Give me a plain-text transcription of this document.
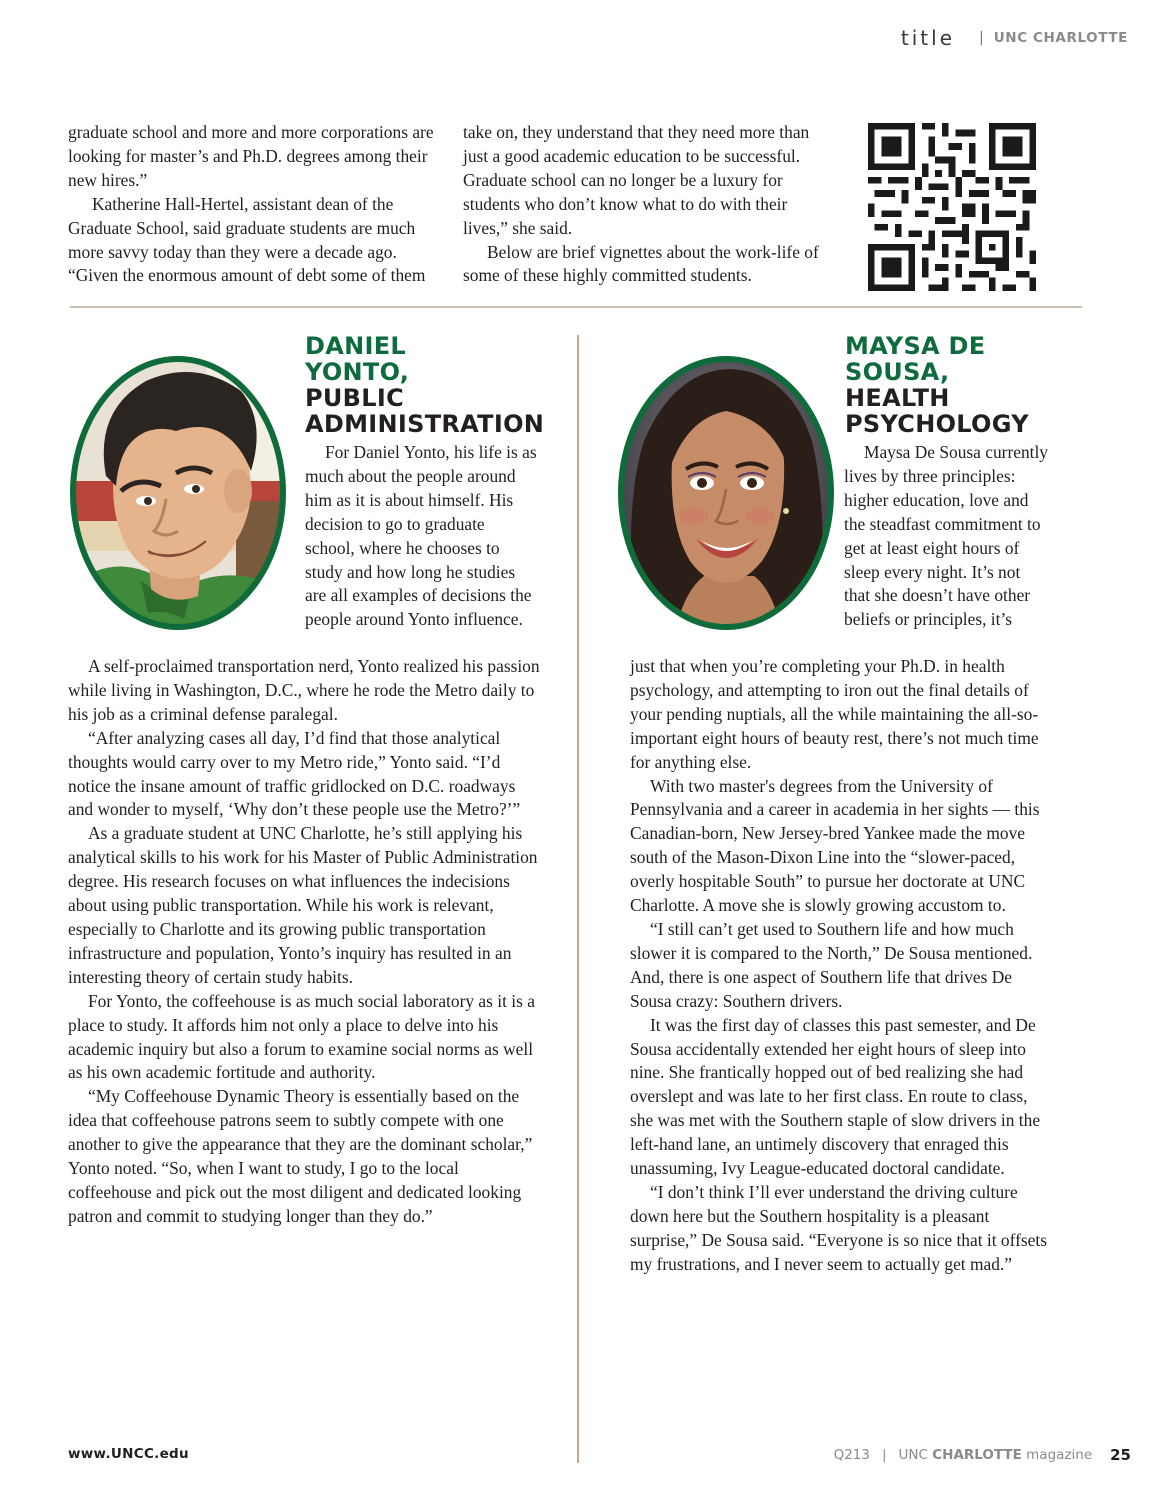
title | UNC CHARLOTTE

graduate school and more and more corporations are looking for master’s and Ph.D. degrees among their new hires.”

Katherine Hall-Hertel, assistant dean of the Graduate School, said graduate students are much more savvy today than they were a decade ago. “Given the enormous amount of debt some of them

take on, they understand that they need more than just a good academic education to be successful. Graduate school can no longer be a luxury for students who don’t know what to do with their lives,” she said.

Below are brief vignettes about the work-life of some of these highly committed students.

DANIEL
YONTO,
PUBLIC
ADMINISTRATION
MAYSA DE
SOUSA,
HEALTH
PSYCHOLOGY

For Daniel Yonto, his life is as much about the people around him as it is about himself. His decision to go to graduate school, where he chooses to study and how long he studies are all examples of decisions the people around Yonto influence.

A self-proclaimed transportation nerd, Yonto realized his passion while living in Washington, D.C., where he rode the Metro daily to his job as a criminal defense paralegal.

“After analyzing cases all day, I’d find that those analytical thoughts would carry over to my Metro ride,” Yonto said. “I’d notice the insane amount of traffic gridlocked on D.C. roadways and wonder to myself, ‘Why don’t these people use the Metro?’”

As a graduate student at UNC Charlotte, he’s still applying his analytical skills to his work for his Master of Public Administration degree. His research focuses on what influences the indecisions about using public transportation. While his work is relevant, especially to Charlotte and its growing public transportation infrastructure and population, Yonto’s inquiry has resulted in an interesting theory of certain study habits.

For Yonto, the coffeehouse is as much social laboratory as it is a place to study. It affords him not only a place to delve into his academic inquiry but also a forum to examine social norms as well as his own academic fortitude and authority.

“My Coffeehouse Dynamic Theory is essentially based on the idea that coffeehouse patrons seem to subtly compete with one another to give the appearance that they are the dominant scholar,” Yonto noted. “So, when I want to study, I go to the local coffeehouse and pick out the most diligent and dedicated looking patron and commit to studying longer than they do.”

Maysa De Sousa currently lives by three principles: higher education, love and the steadfast commitment to get at least eight hours of sleep every night. It’s not that she doesn’t have other beliefs or principles, it’s

just that when you’re completing your Ph.D. in health psychology, and attempting to iron out the final details of your pending nuptials, all the while maintaining the all-so-important eight hours of beauty rest, there’s not much time for anything else.

With two master's degrees from the University of Pennsylvania and a career in academia in her sights — this Canadian-born, New Jersey-bred Yankee made the move south of the Mason-Dixon Line into the “slower-paced, overly hospitable South” to pursue her doctorate at UNC Charlotte. A move she is slowly growing accustom to.

“I still can’t get used to Southern life and how much slower it is compared to the North,” De Sousa mentioned. And, there is one aspect of Southern life that drives De Sousa crazy: Southern drivers.

It was the first day of classes this past semester, and De Sousa accidentally extended her eight hours of sleep into nine. She frantically hopped out of bed realizing she had overslept and was late to her first class. En route to class, she was met with the Southern staple of slow drivers in the left-hand lane, an untimely discovery that enraged this unassuming, Ivy League-educated doctoral candidate.

“I don’t think I’ll ever understand the driving culture down here but the Southern hospitality is a pleasant surprise,” De Sousa said. “Everyone is so nice that it offsets my frustrations, and I never seem to actually get mad.”

www.UNCC.edu	Q213 | UNC CHARLOTTE magazine 25
